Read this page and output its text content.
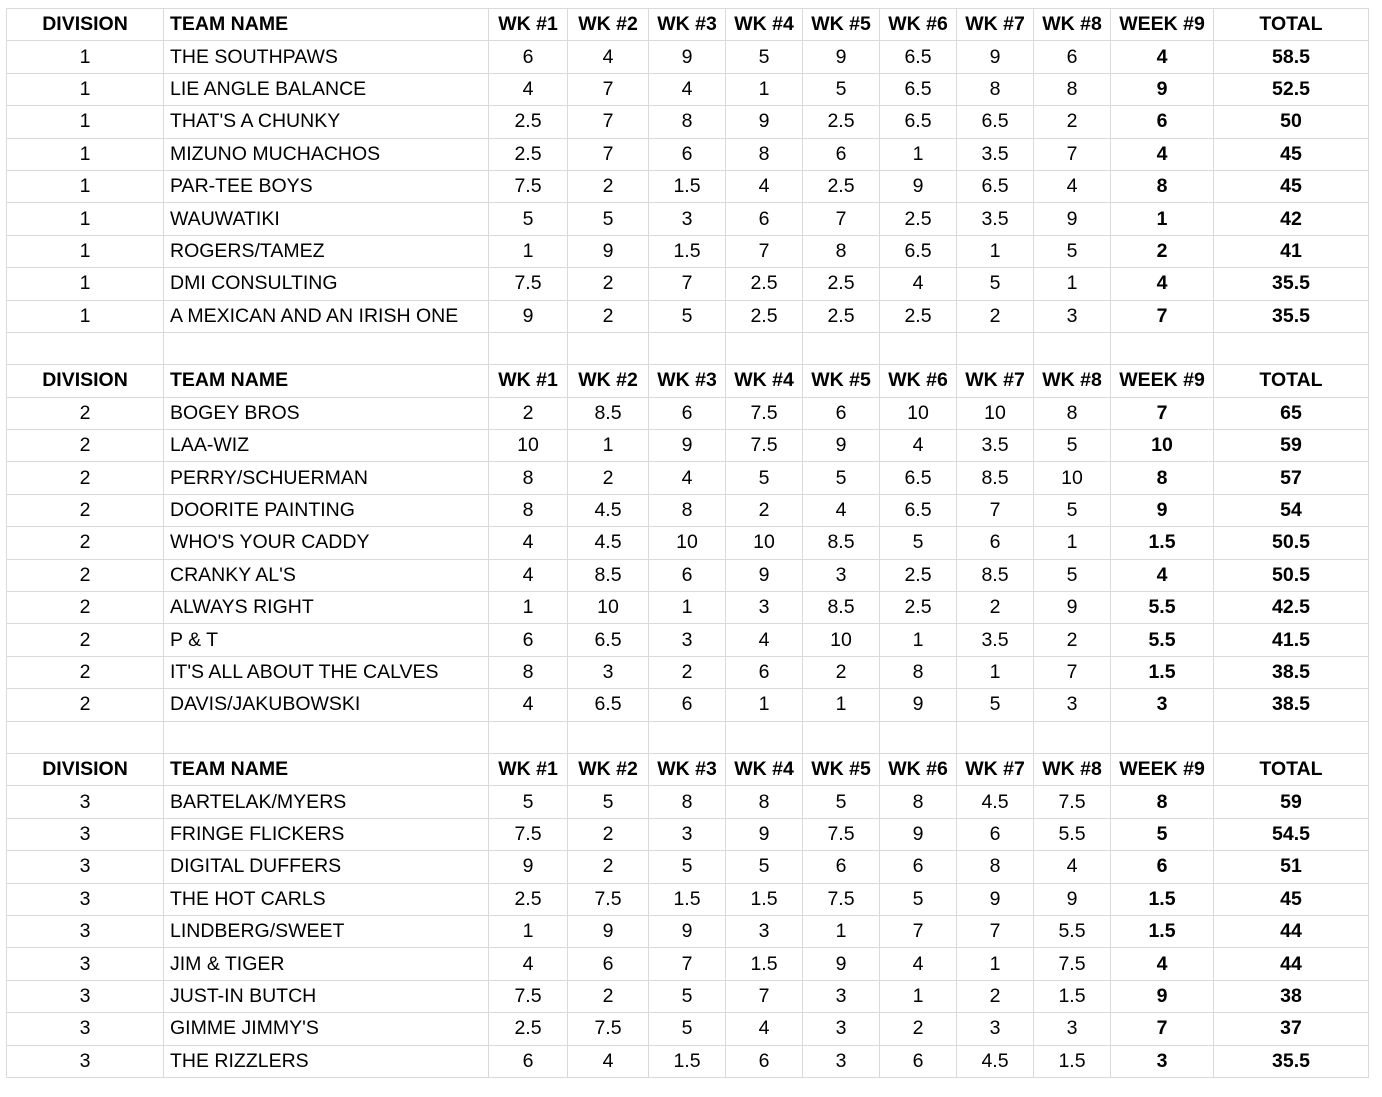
DIVISION	TEAM NAME	WK #1	WK #2	WK #3	WK #4	WK #5	WK #6	WK #7	WK #8	WEEK #9	TOTAL
1	THE SOUTHPAWS	6	4	9	5	9	6.5	9	6	4	58.5
1	LIE ANGLE BALANCE	4	7	4	1	5	6.5	8	8	9	52.5
1	THAT'S A CHUNKY	2.5	7	8	9	2.5	6.5	6.5	2	6	50
1	MIZUNO MUCHACHOS	2.5	7	6	8	6	1	3.5	7	4	45
1	PAR-TEE BOYS	7.5	2	1.5	4	2.5	9	6.5	4	8	45
1	WAUWATIKI	5	5	3	6	7	2.5	3.5	9	1	42
1	ROGERS/TAMEZ	1	9	1.5	7	8	6.5	1	5	2	41
1	DMI CONSULTING	7.5	2	7	2.5	2.5	4	5	1	4	35.5
1	A MEXICAN AND AN IRISH ONE	9	2	5	2.5	2.5	2.5	2	3	7	35.5

DIVISION	TEAM NAME	WK #1	WK #2	WK #3	WK #4	WK #5	WK #6	WK #7	WK #8	WEEK #9	TOTAL
2	BOGEY BROS	2	8.5	6	7.5	6	10	10	8	7	65
2	LAA-WIZ	10	1	9	7.5	9	4	3.5	5	10	59
2	PERRY/SCHUERMAN	8	2	4	5	5	6.5	8.5	10	8	57
2	DOORITE PAINTING	8	4.5	8	2	4	6.5	7	5	9	54
2	WHO'S YOUR CADDY	4	4.5	10	10	8.5	5	6	1	1.5	50.5
2	CRANKY AL'S	4	8.5	6	9	3	2.5	8.5	5	4	50.5
2	ALWAYS RIGHT	1	10	1	3	8.5	2.5	2	9	5.5	42.5
2	P & T	6	6.5	3	4	10	1	3.5	2	5.5	41.5
2	IT'S ALL ABOUT THE CALVES	8	3	2	6	2	8	1	7	1.5	38.5
2	DAVIS/JAKUBOWSKI	4	6.5	6	1	1	9	5	3	3	38.5

DIVISION	TEAM NAME	WK #1	WK #2	WK #3	WK #4	WK #5	WK #6	WK #7	WK #8	WEEK #9	TOTAL
3	BARTELAK/MYERS	5	5	8	8	5	8	4.5	7.5	8	59
3	FRINGE FLICKERS	7.5	2	3	9	7.5	9	6	5.5	5	54.5
3	DIGITAL DUFFERS	9	2	5	5	6	6	8	4	6	51
3	THE HOT CARLS	2.5	7.5	1.5	1.5	7.5	5	9	9	1.5	45
3	LINDBERG/SWEET	1	9	9	3	1	7	7	5.5	1.5	44
3	JIM & TIGER	4	6	7	1.5	9	4	1	7.5	4	44
3	JUST-IN BUTCH	7.5	2	5	7	3	1	2	1.5	9	38
3	GIMME JIMMY'S	2.5	7.5	5	4	3	2	3	3	7	37
3	THE RIZZLERS	6	4	1.5	6	3	6	4.5	1.5	3	35.5
